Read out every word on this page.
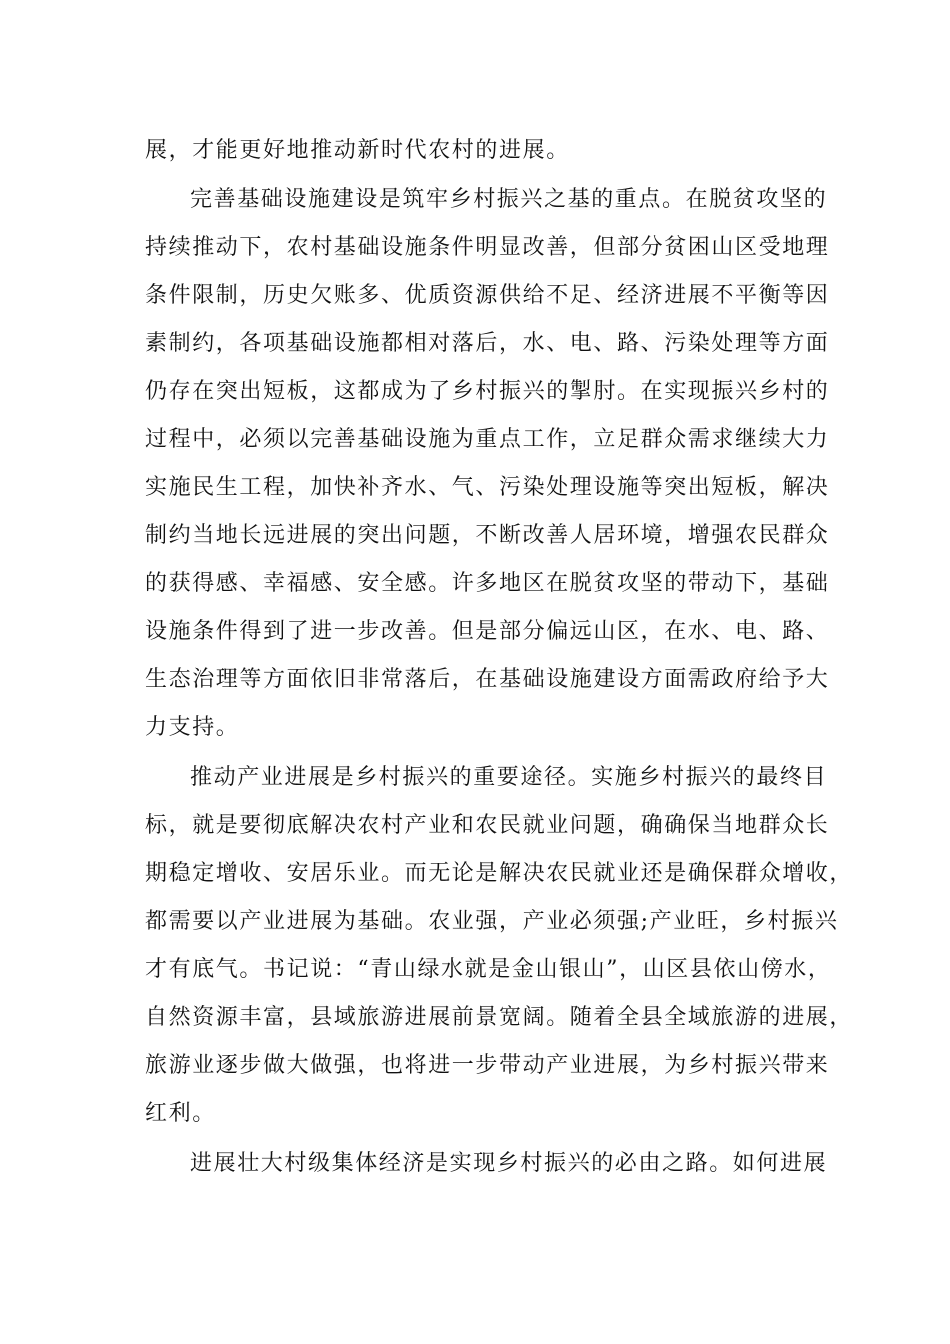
展，才能更好地推动新时代农村的进展。
完善基础设施建设是筑牢乡村振兴之基的重点。在脱贫攻坚的
持续推动下，农村基础设施条件明显改善，但部分贫困山区受地理
条件限制，历史欠账多、优质资源供给不足、经济进展不平衡等因
素制约，各项基础设施都相对落后，水、电、路、污染处理等方面
仍存在突出短板，这都成为了乡村振兴的掣肘。在实现振兴乡村的
过程中，必须以完善基础设施为重点工作，立足群众需求继续大力
实施民生工程，加快补齐水、气、污染处理设施等突出短板，解决
制约当地长远进展的突出问题，不断改善人居环境，增强农民群众
的获得感、幸福感、安全感。许多地区在脱贫攻坚的带动下，基础
设施条件得到了进一步改善。但是部分偏远山区，在水、电、路、
生态治理等方面依旧非常落后，在基础设施建设方面需政府给予大
力支持。
推动产业进展是乡村振兴的重要途径。实施乡村振兴的最终目
标，就是要彻底解决农村产业和农民就业问题，确确保当地群众长
期稳定增收、安居乐业。而无论是解决农民就业还是确保群众增收，
都需要以产业进展为基础。农业强，产业必须强;产业旺，乡村振兴
才有底气。书记说：“青山绿水就是金山银山”，山区县依山傍水，
自然资源丰富，县域旅游进展前景宽阔。随着全县全域旅游的进展，
旅游业逐步做大做强，也将进一步带动产业进展，为乡村振兴带来
红利。
进展壮大村级集体经济是实现乡村振兴的必由之路。如何进展
